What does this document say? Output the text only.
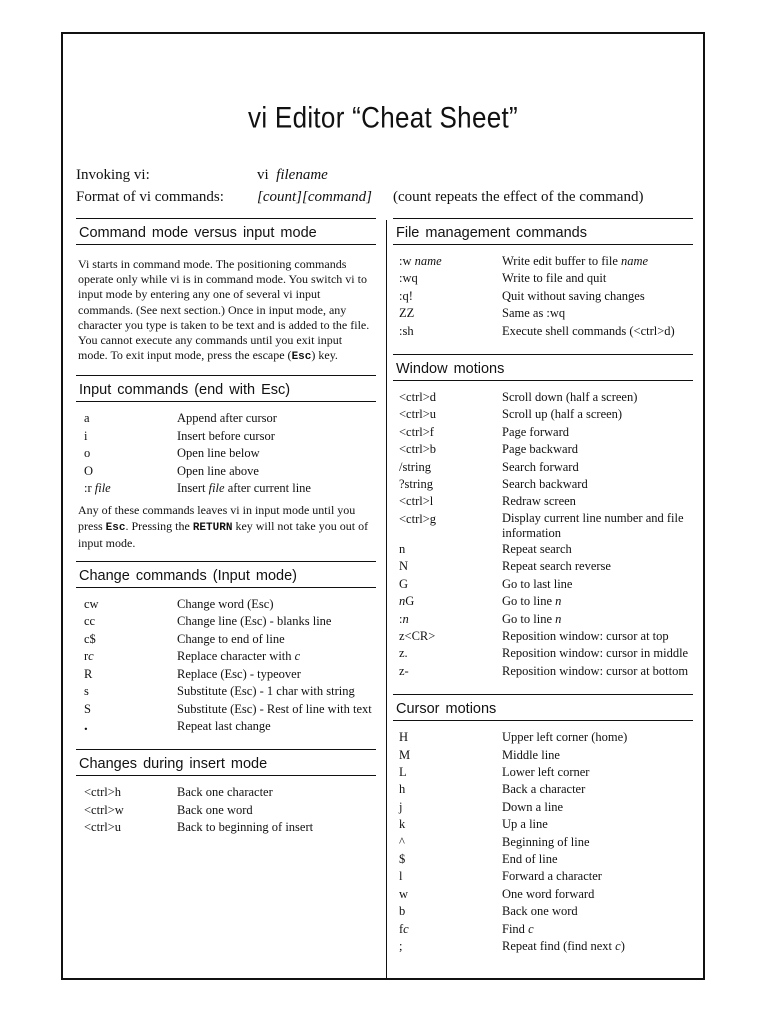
vi Editor “Cheat Sheet”
Invoking vi:	vi filename
Format of vi commands: [count][command] (count repeats the effect of the command)
Command mode versus input mode
Vi starts in command mode. The positioning commands operate only while vi is in command mode. You switch vi to input mode by entering any one of several vi input commands. (See next section.) Once in input mode, any character you type is taken to be text and is added to the file. You cannot execute any commands until you exit input mode. To exit input mode, press the escape (Esc) key.
Input commands (end with Esc)
a	Append after cursor
i	Insert before cursor
o	Open line below
O	Open line above
:r file	Insert file after current line
Any of these commands leaves vi in input mode until you press Esc. Pressing the RETURN key will not take you out of input mode.
Change commands (Input mode)
cw	Change word (Esc)
cc	Change line (Esc) - blanks line
c$	Change to end of line
rc	Replace character with c
R	Replace (Esc) - typeover
s	Substitute (Esc) - 1 char with string
S	Substitute (Esc) - Rest of line with text
.	Repeat last change
Changes during insert mode
<ctrl>h	Back one character
<ctrl>w	Back one word
<ctrl>u	Back to beginning of insert
File management commands
:w name	Write edit buffer to file name
:wq	Write to file and quit
:q!	Quit without saving changes
ZZ	Same as :wq
:sh	Execute shell commands (<ctrl>d)
Window motions
<ctrl>d	Scroll down (half a screen)
<ctrl>u	Scroll up (half a screen)
<ctrl>f	Page forward
<ctrl>b	Page backward
/string	Search forward
?string	Search backward
<ctrl>l	Redraw screen
<ctrl>g	Display current line number and file information
n	Repeat search
N	Repeat search reverse
G	Go to last line
nG	Go to line n
:n	Go to line n
z<CR>	Reposition window: cursor at top
z.	Reposition window: cursor in middle
z-	Reposition window: cursor at bottom
Cursor motions
H	Upper left corner (home)
M	Middle line
L	Lower left corner
h	Back a character
j	Down a line
k	Up a line
^	Beginning of line
$	End of line
l	Forward a character
w	One word forward
b	Back one word
fc	Find c
;	Repeat find (find next c)
